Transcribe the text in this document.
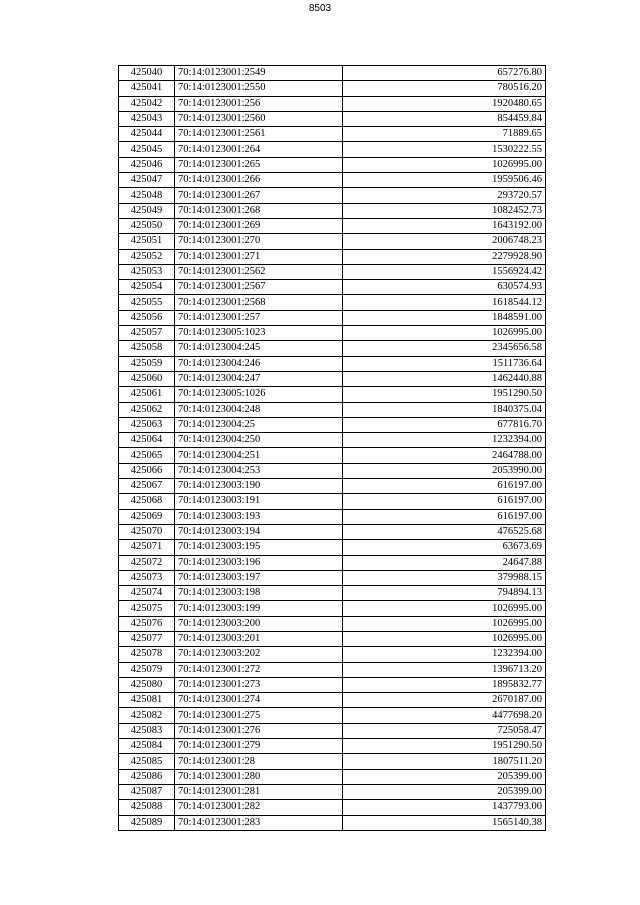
8503
425040	70:14:0123001:2549	657276.80
425041	70:14:0123001:2550	780516.20
425042	70:14:0123001:256	1920480.65
425043	70:14:0123001:2560	854459.84
425044	70:14:0123001:2561	71889.65
425045	70:14:0123001:264	1530222.55
425046	70:14:0123001:265	1026995.00
425047	70:14:0123001:266	1959506.46
425048	70:14:0123001:267	293720.57
425049	70:14:0123001:268	1082452.73
425050	70:14:0123001:269	1643192.00
425051	70:14:0123001:270	2006748.23
425052	70:14:0123001:271	2279928.90
425053	70:14:0123001:2562	1556924.42
425054	70:14:0123001:2567	630574.93
425055	70:14:0123001:2568	1618544.12
425056	70:14:0123001:257	1848591.00
425057	70:14:0123005:1023	1026995.00
425058	70:14:0123004:245	2345656.58
425059	70:14:0123004:246	1511736.64
425060	70:14:0123004:247	1462440.88
425061	70:14:0123005:1026	1951290.50
425062	70:14:0123004:248	1840375.04
425063	70:14:0123004:25	677816.70
425064	70:14:0123004:250	1232394.00
425065	70:14:0123004:251	2464788.00
425066	70:14:0123004:253	2053990.00
425067	70:14:0123003:190	616197.00
425068	70:14:0123003:191	616197.00
425069	70:14:0123003:193	616197.00
425070	70:14:0123003:194	476525.68
425071	70:14:0123003:195	63673.69
425072	70:14:0123003:196	24647.88
425073	70:14:0123003:197	379988.15
425074	70:14:0123003:198	794894.13
425075	70:14:0123003:199	1026995.00
425076	70:14:0123003:200	1026995.00
425077	70:14:0123003:201	1026995.00
425078	70:14:0123003:202	1232394.00
425079	70:14:0123001:272	1396713.20
425080	70:14:0123001:273	1895832.77
425081	70:14:0123001:274	2670187.00
425082	70:14:0123001:275	4477698.20
425083	70:14:0123001:276	725058.47
425084	70:14:0123001:279	1951290.50
425085	70:14:0123001:28	1807511.20
425086	70:14:0123001:280	205399.00
425087	70:14:0123001:281	205399.00
425088	70:14:0123001:282	1437793.00
425089	70:14:0123001:283	1565140.38
